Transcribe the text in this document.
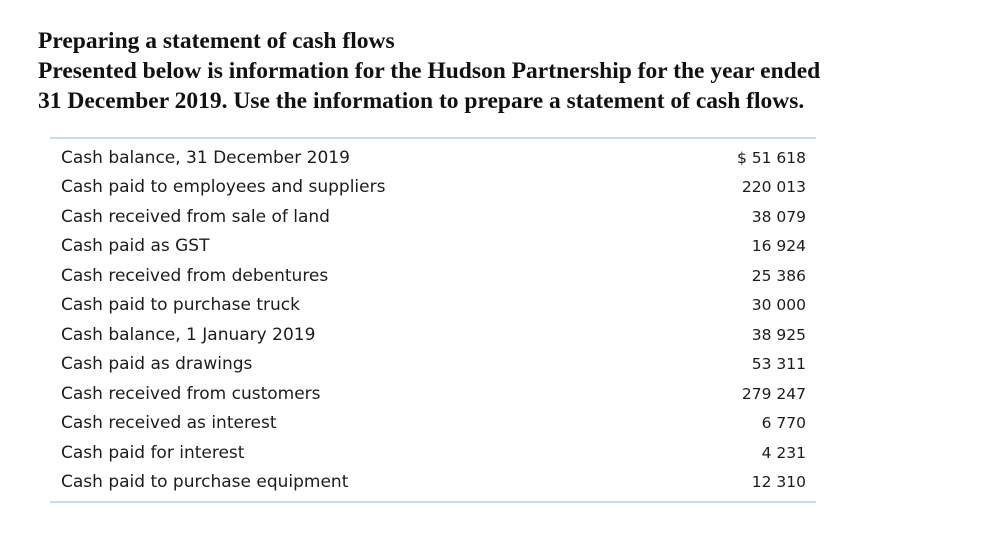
Preparing a statement of cash flows
Presented below is information for the Hudson Partnership for the year ended
31 December 2019. Use the information to prepare a statement of cash flows.
Cash balance, 31 December 2019	$ 51 618
Cash paid to employees and suppliers	220 013
Cash received from sale of land	38 079
Cash paid as GST	16 924
Cash received from debentures	25 386
Cash paid to purchase truck	30 000
Cash balance, 1 January 2019	38 925
Cash paid as drawings	53 311
Cash received from customers	279 247
Cash received as interest	6 770
Cash paid for interest	4 231
Cash paid to purchase equipment	12 310
